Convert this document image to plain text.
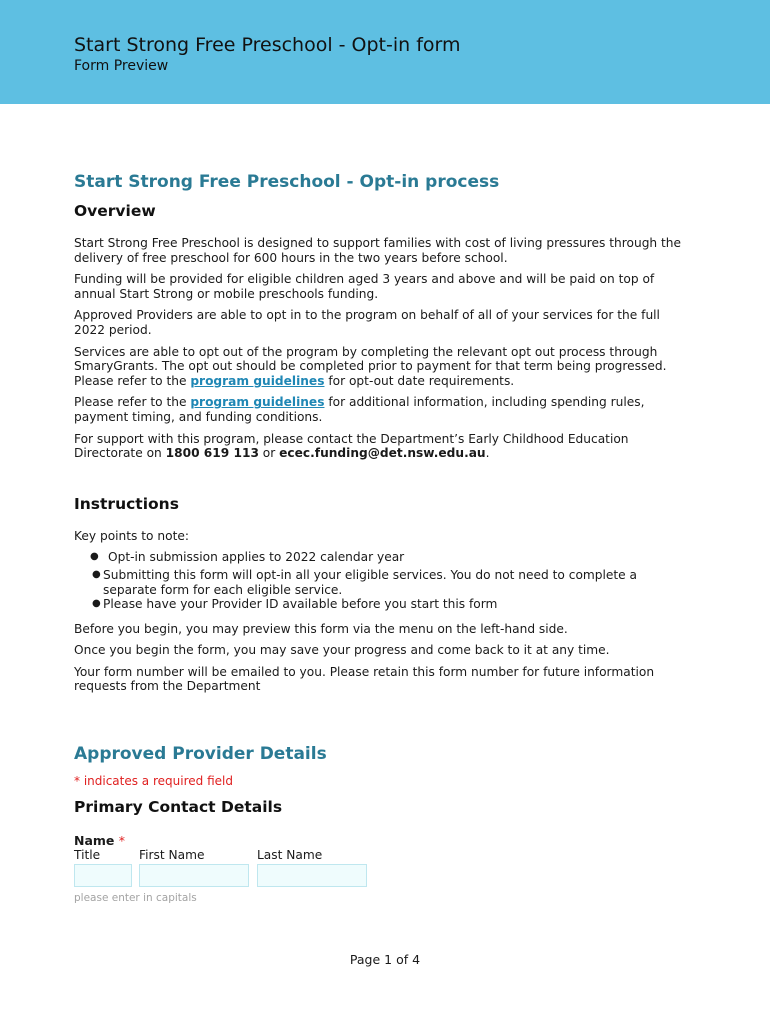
Start Strong Free Preschool - Opt-in form
Form Preview
Start Strong Free Preschool - Opt-in process
Overview

Start Strong Free Preschool is designed to support families with cost of living pressures through the delivery of free preschool for 600 hours in the two years before school.

Funding will be provided for eligible children aged 3 years and above and will be paid on top of annual Start Strong or mobile preschools funding.

Approved Providers are able to opt in to the program on behalf of all of your services for the full 2022 period.

Services are able to opt out of the program by completing the relevant opt out process through SmaryGrants. The opt out should be completed prior to payment for that term being progressed. Please refer to the program guidelines for opt-out date requirements.

Please refer to the program guidelines for additional information, including spending rules, payment timing, and funding conditions.

For support with this program, please contact the Department’s Early Childhood Education Directorate on 1800 619 113 or ecec.funding@det.nsw.edu.au.

Instructions

Key points to note:

● Opt-in submission applies to 2022 calendar year
● Submitting this form will opt-in all your eligible services. You do not need to complete a separate form for each eligible service.
● Please have your Provider ID available before you start this form

Before you begin, you may preview this form via the menu on the left-hand side.

Once you begin the form, you may save your progress and come back to it at any time.

Your form number will be emailed to you. Please retain this form number for future information requests from the Department

Approved Provider Details
* indicates a required field
Primary Contact Details
Name *
Title	First Name	Last Name
please enter in capitals
Page 1 of 4
